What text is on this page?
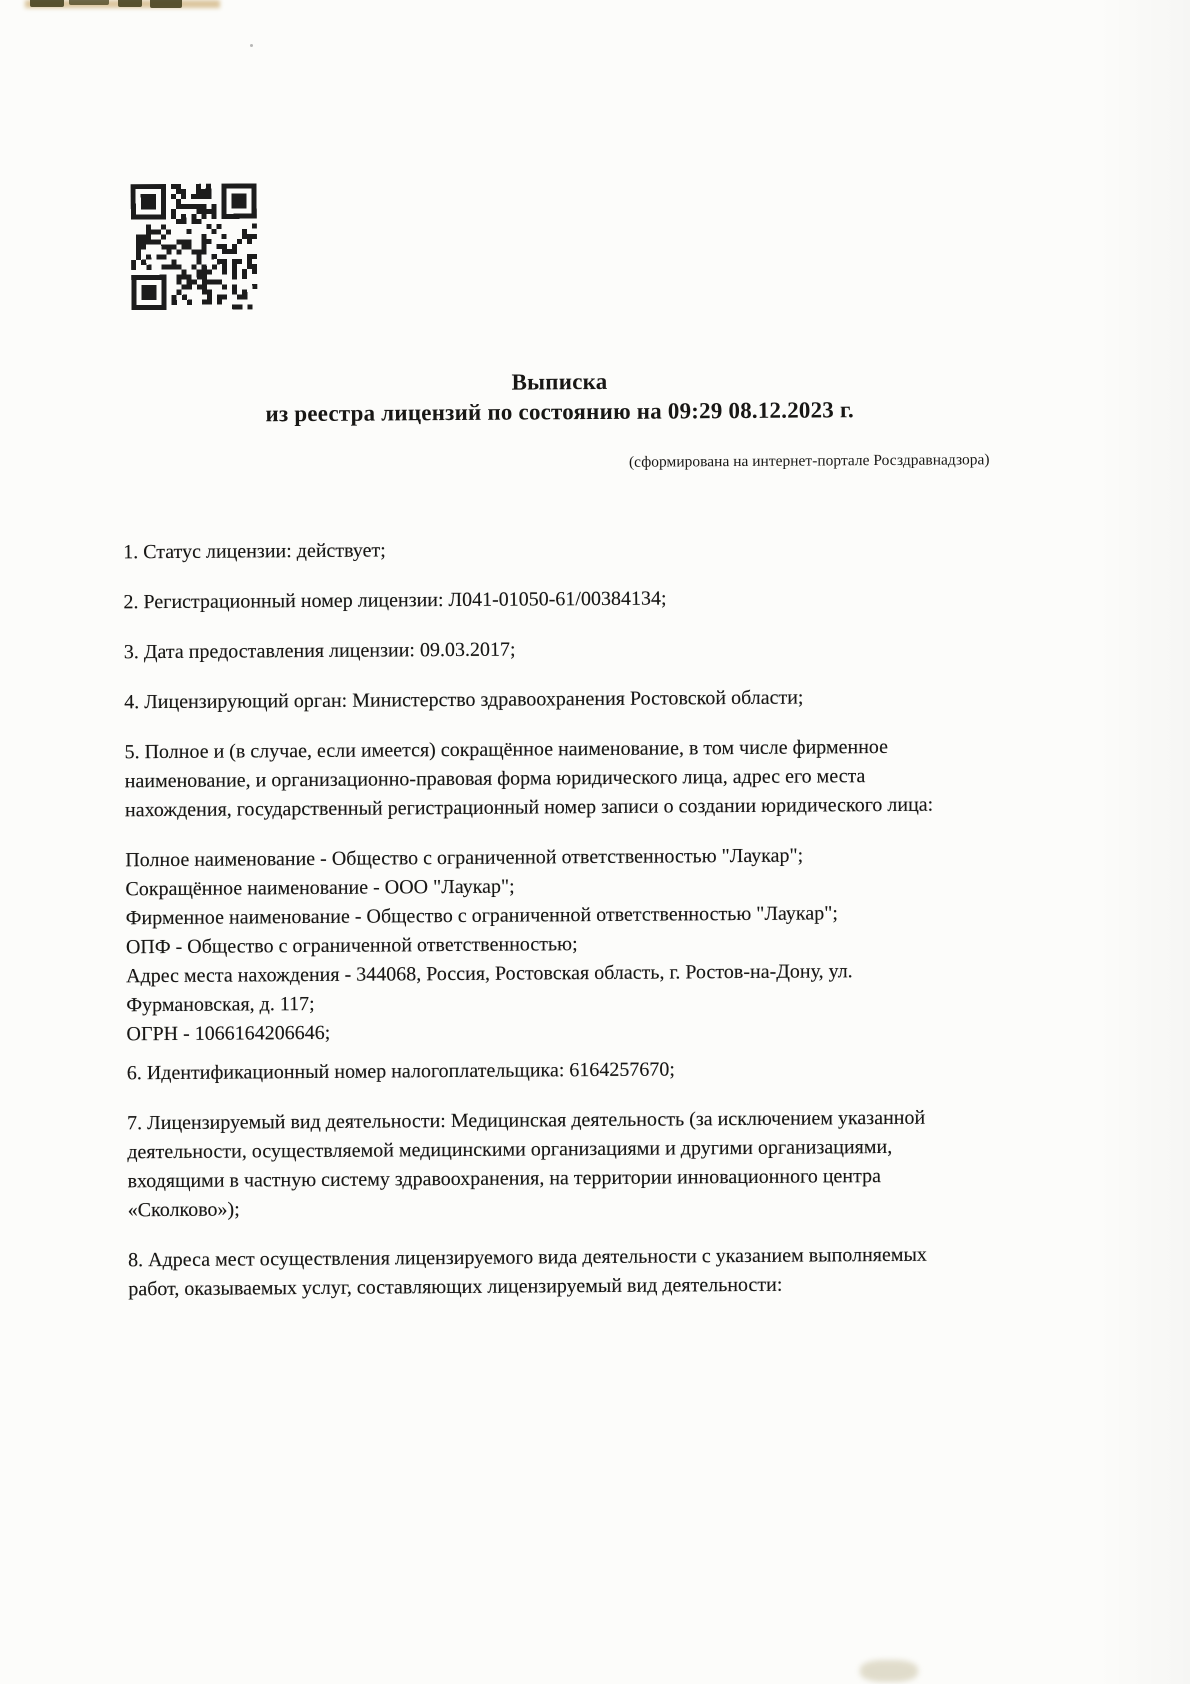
Выписка
из реестра лицензий по состоянию на 09:29 08.12.2023 г.
(сформирована на интернет-портале Росздравнадзора)

1. Статус лицензии: действует;

2. Регистрационный номер лицензии: Л041-01050-61/00384134;

3. Дата предоставления лицензии: 09.03.2017;

4. Лицензирующий орган: Министерство здравоохранения Ростовской области;

5. Полное и (в случае, если имеется) сокращённое наименование, в том числе фирменное наименование, и организационно-правовая форма юридического лица, адрес его места нахождения, государственный регистрационный номер записи о создании юридического лица:

Полное наименование - Общество с ограниченной ответственностью "Лаукар";
Сокращённое наименование - ООО "Лаукар";
Фирменное наименование - Общество с ограниченной ответственностью "Лаукар";
ОПФ - Общество с ограниченной ответственностью;
Адрес места нахождения - 344068, Россия, Ростовская область, г. Ростов-на-Дону, ул. Фурмановская, д. 117;
ОГРН - 1066164206646;

6. Идентификационный номер налогоплательщика: 6164257670;

7. Лицензируемый вид деятельности: Медицинская деятельность (за исключением указанной деятельности, осуществляемой медицинскими организациями и другими организациями, входящими в частную систему здравоохранения, на территории инновационного центра «Сколково»);

8. Адреса мест осуществления лицензируемого вида деятельности с указанием выполняемых работ, оказываемых услуг, составляющих лицензируемый вид деятельности:
